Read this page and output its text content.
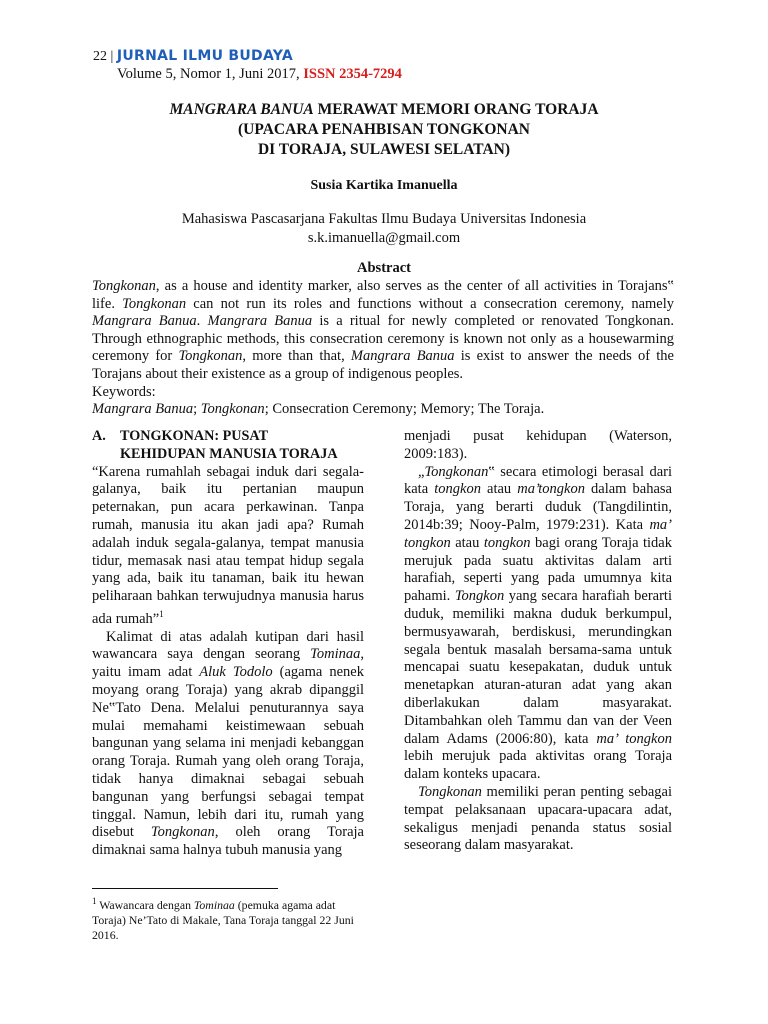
22 | JURNAL ILMU BUDAYA
Volume 5, Nomor 1, Juni 2017, ISSN 2354-7294
MANGRARA BANUA MERAWAT MEMORI ORANG TORAJA
(UPACARA PENAHBISAN TONGKONAN
DI TORAJA, SULAWESI SELATAN)
Susia Kartika Imanuella
Mahasiswa Pascasarjana Fakultas Ilmu Budaya Universitas Indonesia
s.k.imanuella@gmail.com
Abstract

Tongkonan, as a house and identity marker, also serves as the center of all activities in Torajans‟ life. Tongkonan can not run its roles and functions without a consecration ceremony, namely Mangrara Banua. Mangrara Banua is a ritual for newly completed or renovated Tongkonan. Through ethnographic methods, this consecration ceremony is known not only as a housewarming ceremony for Tongkonan, more than that, Mangrara Banua is exist to answer the needs of the Torajans about their existence as a group of indigenous peoples.

Keywords:

Mangrara Banua; Tongkonan; Consecration Ceremony; Memory; The Toraja.

A.	TONGKONAN: PUSAT
KEHIDUPAN MANUSIA TORAJA

“Karena rumahlah sebagai induk dari segala-galanya, baik itu pertanian maupun peternakan, pun acara perkawinan. Tanpa rumah, manusia itu akan jadi apa? Rumah adalah induk segala-galanya, tempat manusia tidur, memasak nasi atau tempat hidup segala yang ada, baik itu tanaman, baik itu hewan peliharaan bahkan terwujudnya manusia harus ada rumah”$^1$

Kalimat di atas adalah kutipan dari hasil wawancara saya dengan seorang Tominaa, yaitu imam adat Aluk Todolo (agama nenek moyang orang Toraja) yang akrab dipanggil Ne‟Tato Dena. Melalui penuturannya saya mulai memahami keistimewaan sebuah bangunan yang selama ini menjadi kebanggan orang Toraja. Rumah yang oleh orang Toraja, tidak hanya dimaknai sebagai sebuah bangunan yang berfungsi sebagai tempat tinggal. Namun, lebih dari itu, rumah yang disebut Tongkonan, oleh orang Toraja dimaknai sama halnya tubuh manusia yang

menjadi pusat kehidupan (Waterson, 2009:183).

„Tongkonan‟ secara etimologi berasal dari kata tongkon atau ma’tongkon dalam bahasa Toraja, yang berarti duduk (Tangdilintin, 2014b:39; Nooy-Palm, 1979:231). Kata ma’ tongkon atau tongkon bagi orang Toraja tidak merujuk pada suatu aktivitas dalam arti harafiah, seperti yang pada umumnya kita pahami. Tongkon yang secara harafiah berarti duduk, memiliki makna duduk berkumpul, bermusyawarah, berdiskusi, merundingkan segala bentuk masalah bersama-sama untuk mencapai suatu kesepakatan, duduk untuk menetapkan aturan-aturan adat yang akan diberlakukan dalam masyarakat. Ditambahkan oleh Tammu dan van der Veen dalam Adams (2006:80), kata ma’ tongkon lebih merujuk pada aktivitas orang Toraja dalam konteks upacara.

Tongkonan memiliki peran penting sebagai tempat pelaksanaan upacara-upacara adat, sekaligus menjadi penanda status sosial seseorang dalam masyarakat.

$^1$ Wawancara dengan Tominaa (pemuka agama adat Toraja) Ne’Tato di Makale, Tana Toraja tanggal 22 Juni 2016.
